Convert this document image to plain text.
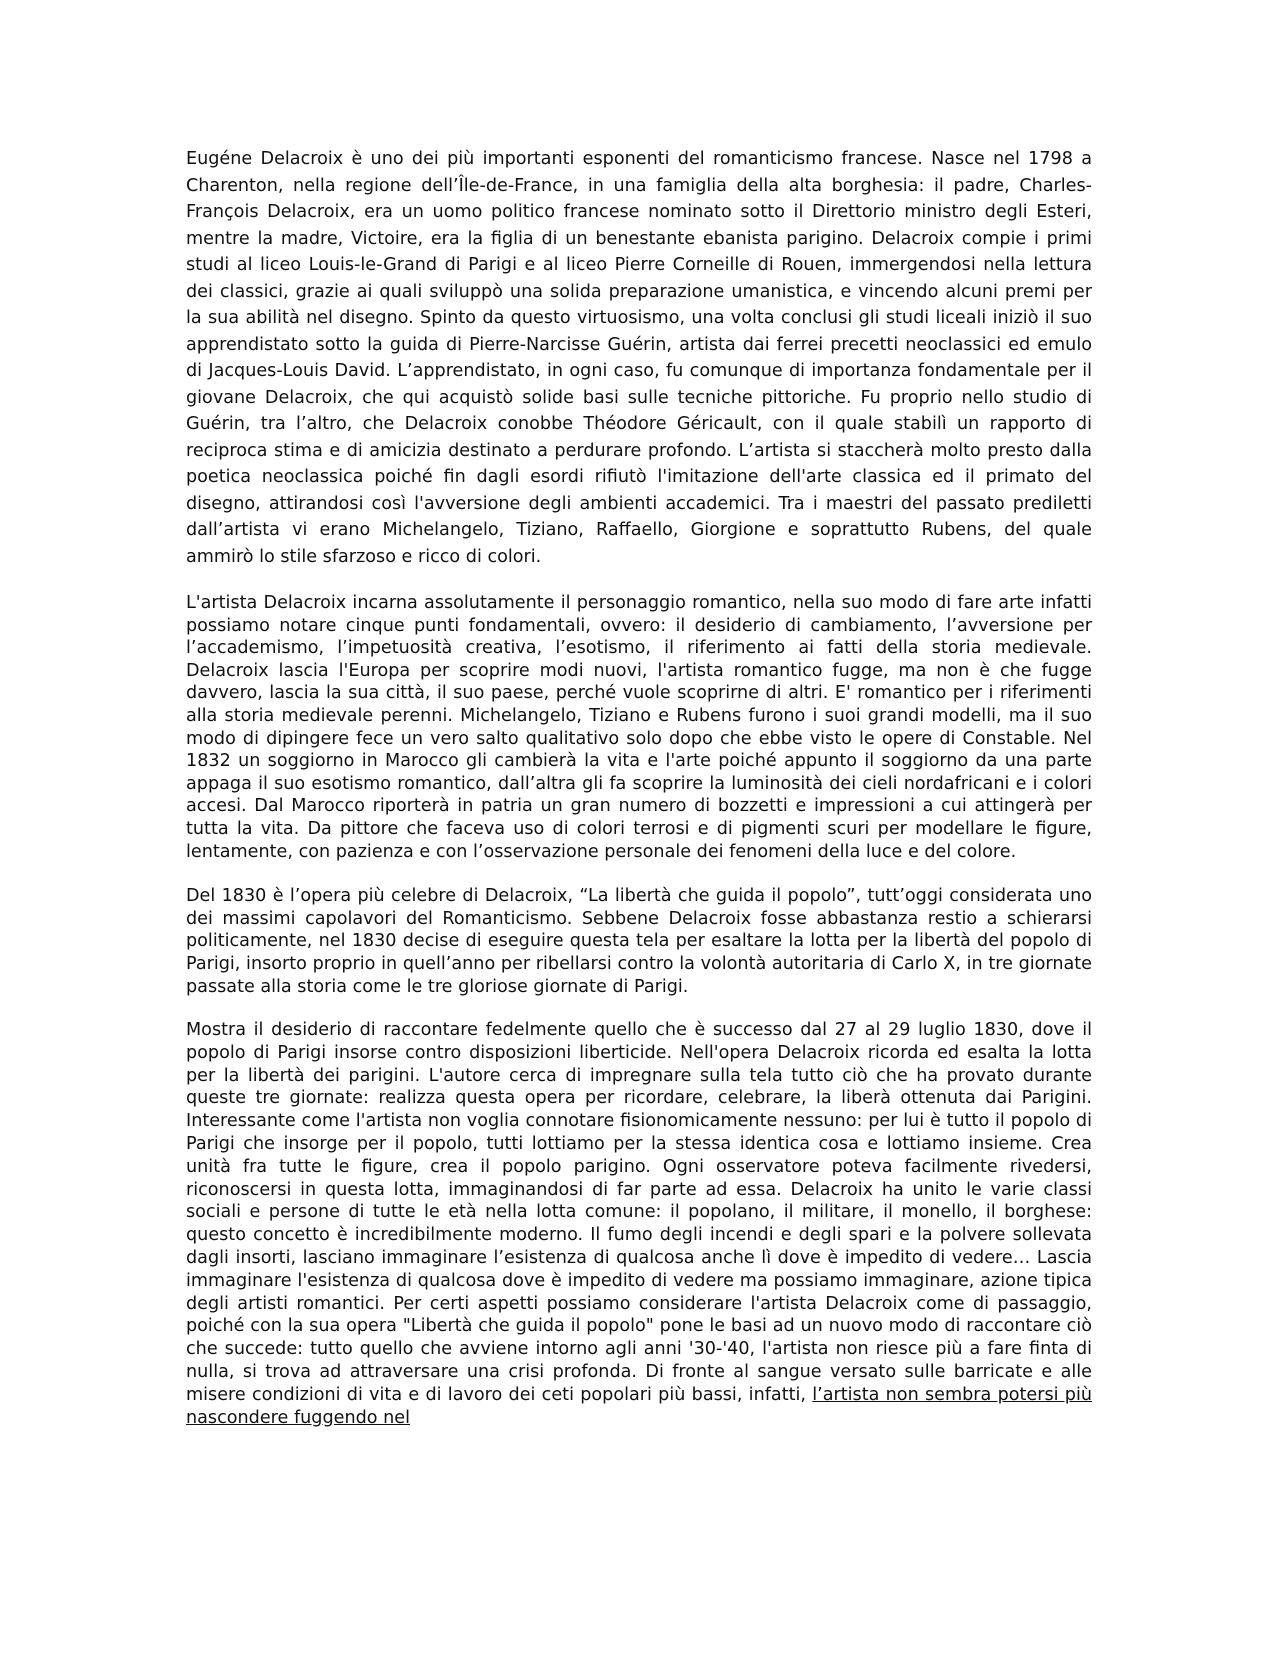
Eugéne Delacroix è uno dei più importanti esponenti del romanticismo francese. Nasce nel 1798 a Charenton, nella regione dell’Île-de-France, in una famiglia della alta borghesia: il padre, Charles-François Delacroix, era un uomo politico francese nominato sotto il Direttorio ministro degli Esteri, mentre la madre, Victoire, era la figlia di un benestante ebanista parigino. Delacroix compie i primi studi al liceo Louis-le-Grand di Parigi e al liceo Pierre Corneille di Rouen, immergendosi nella lettura dei classici, grazie ai quali sviluppò una solida preparazione umanistica, e vincendo alcuni premi per la sua abilità nel disegno. Spinto da questo virtuosismo, una volta conclusi gli studi liceali iniziò il suo apprendistato sotto la guida di Pierre-Narcisse Guérin, artista dai ferrei precetti neoclassici ed emulo di Jacques-Louis David. L’apprendistato, in ogni caso, fu comunque di importanza fondamentale per il giovane Delacroix, che qui acquistò solide basi sulle tecniche pittoriche. Fu proprio nello studio di Guérin, tra l’altro, che Delacroix conobbe Théodore Géricault, con il quale stabilì un rapporto di reciproca stima e di amicizia destinato a perdurare profondo. L’artista si staccherà molto presto dalla poetica neoclassica poiché fin dagli esordi rifiutò l'imitazione dell'arte classica ed il primato del disegno, attirandosi così l'avversione degli ambienti accademici. Tra i maestri del passato prediletti dall’artista vi erano Michelangelo, Tiziano, Raffaello, Giorgione e soprattutto Rubens, del quale ammirò lo stile sfarzoso e ricco di colori.

L'artista Delacroix incarna assolutamente il personaggio romantico, nella suo modo di fare arte infatti possiamo notare cinque punti fondamentali, ovvero: il desiderio di cambiamento, l’avversione per l’accademismo, l’impetuosità creativa, l’esotismo, il riferimento ai fatti della storia medievale. Delacroix lascia l'Europa per scoprire modi nuovi, l'artista romantico fugge, ma non è che fugge davvero, lascia la sua città, il suo paese, perché vuole scoprirne di altri. E' romantico per i riferimenti alla storia medievale perenni. Michelangelo, Tiziano e Rubens furono i suoi grandi modelli, ma il suo modo di dipingere fece un vero salto qualitativo solo dopo che ebbe visto le opere di Constable. Nel 1832 un soggiorno in Marocco gli cambierà la vita e l'arte poiché appunto il soggiorno da una parte appaga il suo esotismo romantico, dall’altra gli fa scoprire la luminosità dei cieli nordafricani e i colori accesi. Dal Marocco riporterà in patria un gran numero di bozzetti e impressioni a cui attingerà per tutta la vita. Da pittore che faceva uso di colori terrosi e di pigmenti scuri per modellare le figure, lentamente, con pazienza e con l’osservazione personale dei fenomeni della luce e del colore.

Del 1830 è l’opera più celebre di Delacroix, “La libertà che guida il popolo”, tutt’oggi considerata uno dei massimi capolavori del Romanticismo. Sebbene Delacroix fosse abbastanza restio a schierarsi politicamente, nel 1830 decise di eseguire questa tela per esaltare la lotta per la libertà del popolo di Parigi, insorto proprio in quell’anno per ribellarsi contro la volontà autoritaria di Carlo X, in tre giornate passate alla storia come le tre gloriose giornate di Parigi.

Mostra il desiderio di raccontare fedelmente quello che è successo dal 27 al 29 luglio 1830, dove il popolo di Parigi insorse contro disposizioni liberticide. Nell'opera Delacroix ricorda ed esalta la lotta per la libertà dei parigini. L'autore cerca di impregnare sulla tela tutto ciò che ha provato durante queste tre giornate: realizza questa opera per ricordare, celebrare, la liberà ottenuta dai Parigini. Interessante come l'artista non voglia connotare fisionomicamente nessuno: per lui è tutto il popolo di Parigi che insorge per il popolo, tutti lottiamo per la stessa identica cosa e lottiamo insieme. Crea unità fra tutte le figure, crea il popolo parigino. Ogni osservatore poteva facilmente rivedersi, riconoscersi in questa lotta, immaginandosi di far parte ad essa. Delacroix ha unito le varie classi sociali e persone di tutte le età nella lotta comune: il popolano, il militare, il monello, il borghese: questo concetto è incredibilmente moderno. Il fumo degli incendi e degli spari e la polvere sollevata dagli insorti, lasciano immaginare l’esistenza di qualcosa anche lì dove è impedito di vedere… Lascia immaginare l'esistenza di qualcosa dove è impedito di vedere ma possiamo immaginare, azione tipica degli artisti romantici. Per certi aspetti possiamo considerare l'artista Delacroix come di passaggio, poiché con la sua opera "Libertà che guida il popolo" pone le basi ad un nuovo modo di raccontare ciò che succede: tutto quello che avviene intorno agli anni '30-'40, l'artista non riesce più a fare finta di nulla, si trova ad attraversare una crisi profonda. Di fronte al sangue versato sulle barricate e alle misere condizioni di vita e di lavoro dei ceti popolari più bassi, infatti, l’artista non sembra potersi più nascondere fuggendo nel
